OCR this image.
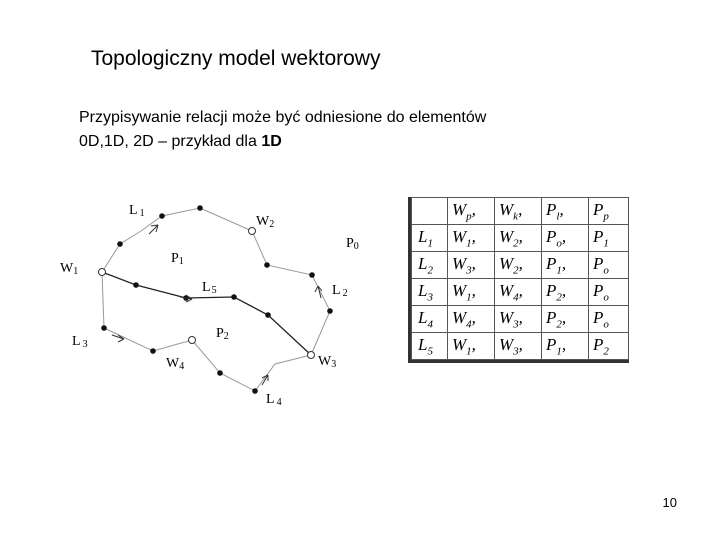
Topologiczny model wektorowy

Przypisywanie relacji może być odniesione do elementów
0D,1D, 2D – przykład dla 1D

W1
W2
W3
W4
L 1
L 2
L 3
L 4
L5
P0
P1
P2
	$W_p$,	$W_k$,	$P_l$,	$P_p$
$L_1$	$W_1$,	$W_2$,	$P_o$,	$P_1$
$L_2$	$W_3$,	$W_2$,	$P_1$,	$P_o$
$L_3$	$W_1$,	$W_4$,	$P_2$,	$P_o$
$L_4$	$W_4$,	$W_3$,	$P_2$,	$P_o$
$L_5$	$W_1$,	$W_3$,	$P_1$,	$P_2$
10
